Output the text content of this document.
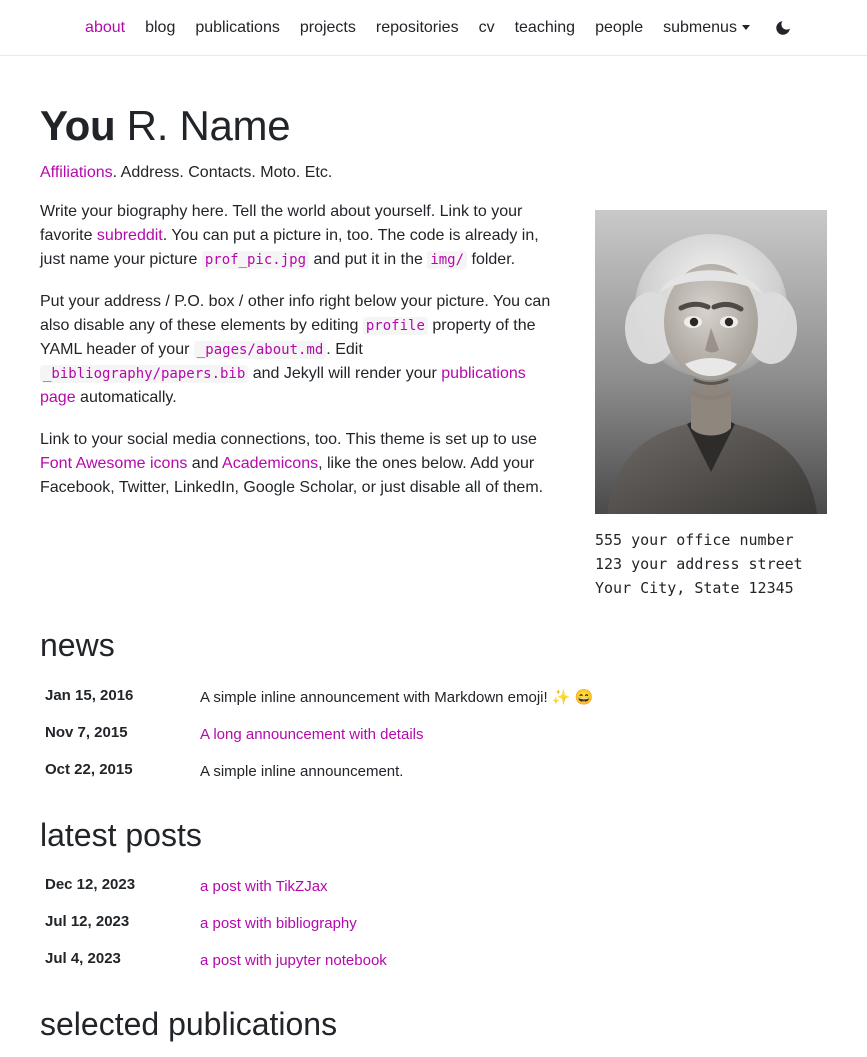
about	blog	publications	projects	repositories	cv	teaching	people	submenus
You R. Name

Affiliations. Address. Contacts. Moto. Etc.

555 your office number
123 your address street
Your City, State 12345

Write your biography here. Tell the world about yourself. Link to your favorite subreddit. You can put a picture in, too. The code is already in, just name your picture prof_pic.jpg and put it in the img/ folder.

Put your address / P.O. box / other info right below your picture. You can also disable any of these elements by editing profile property of the YAML header of your _pages/about.md . Edit _bibliography/papers.bib and Jekyll will render your publications page automatically.

Link to your social media connections, too. This theme is set up to use Font Awesome icons and Academicons, like the ones below. Add your Facebook, Twitter, LinkedIn, Google Scholar, or just disable all of them.

news
Jan 15, 2016	A simple inline announcement with Markdown emoji! ✨ 😄
Nov 7, 2015	A long announcement with details
Oct 22, 2015	A simple inline announcement.
latest posts
Dec 12, 2023	a post with TikZJax
Jul 12, 2023	a post with bibliography
Jul 4, 2023	a post with jupyter notebook
selected publications
